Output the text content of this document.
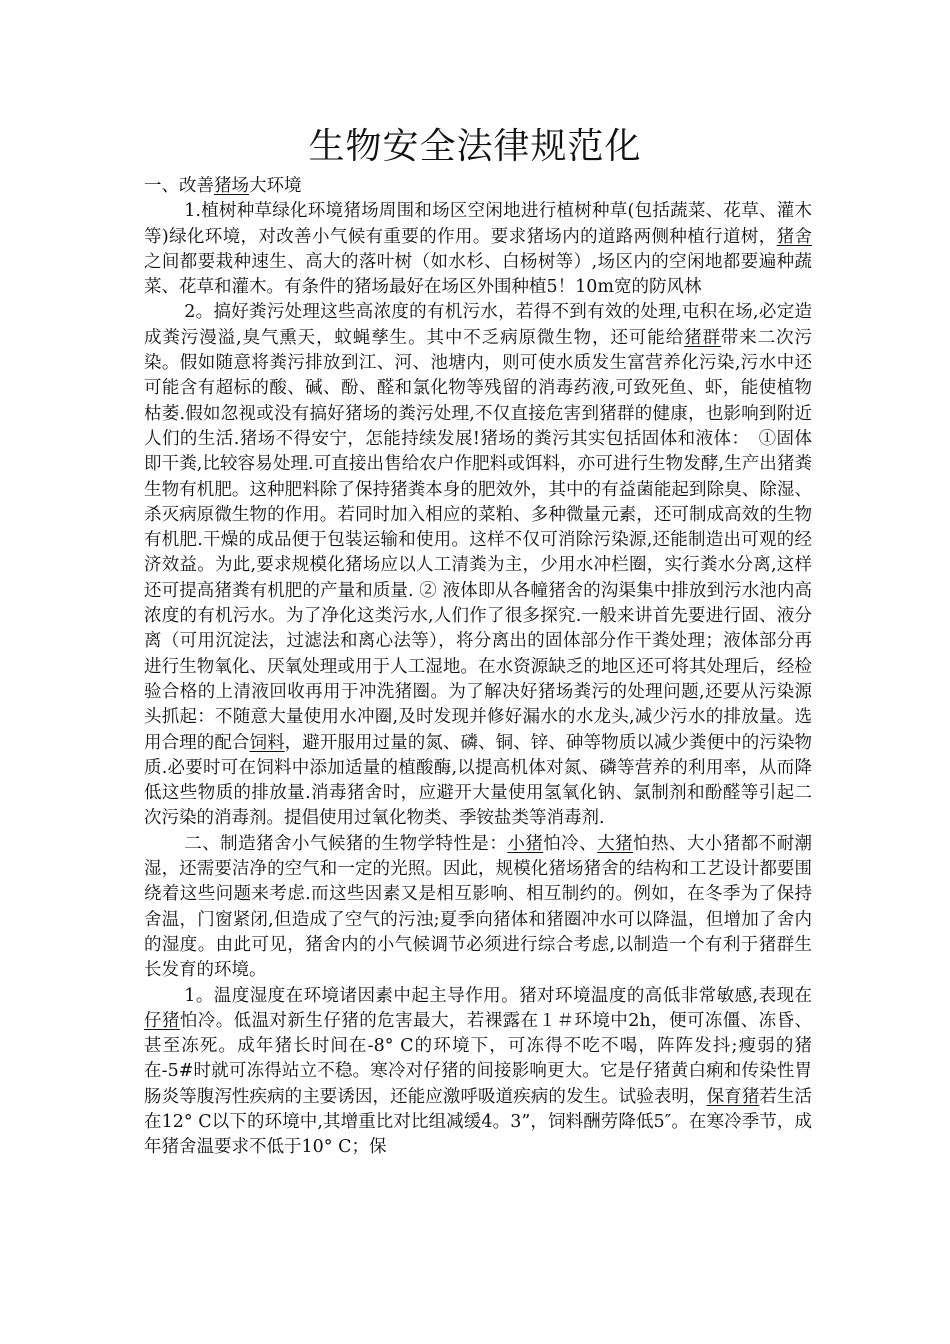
生物安全法律规范化

一、改善猪场大环境

1.植树种草绿化环境猪场周围和场区空闲地进行植树种草(包括蔬菜、花草、灌木等)绿化环境，对改善小气候有重要的作用。要求猪场内的道路两侧种植行道树，猪舍之间都要栽种速生、高大的落叶树（如水杉、白杨树等）,场区内的空闲地都要遍种蔬菜、花草和灌木。有条件的猪场最好在场区外围种植5！10m宽的防风林

2。搞好粪污处理这些高浓度的有机污水，若得不到有效的处理,屯积在场,必定造成粪污漫溢,臭气熏天，蚊蝇孳生。其中不乏病原微生物，还可能给猪群带来二次污染。假如随意将粪污排放到江、河、池塘内，则可使水质发生富营养化污染,污水中还可能含有超标的酸、碱、酚、醛和氯化物等残留的消毒药液,可致死鱼、虾，能使植物枯萎.假如忽视或没有搞好猪场的粪污处理,不仅直接危害到猪群的健康，也影响到附近人们的生活.猪场不得安宁，怎能持续发展!猪场的粪污其实包括固体和液体：　①固体即干粪,比较容易处理.可直接出售给农户作肥料或饵料，亦可进行生物发酵,生产出猪粪生物有机肥。这种肥料除了保持猪粪本身的肥效外，其中的有益菌能起到除臭、除湿、杀灭病原微生物的作用。若同时加入相应的菜粕、多种微量元素，还可制成高效的生物有机肥.干燥的成品便于包装运输和使用。这样不仅可消除污染源,还能制造出可观的经济效益。为此,要求规模化猪场应以人工清粪为主，少用水冲栏圈，实行粪水分离,这样还可提高猪粪有机肥的产量和质量. ② 液体即从各幢猪舍的沟渠集中排放到污水池内高浓度的有机污水。为了净化这类污水,人们作了很多探究.一般来讲首先要进行固、液分离（可用沉淀法，过滤法和离心法等），将分离出的固体部分作干粪处理；液体部分再进行生物氧化、厌氧处理或用于人工湿地。在水资源缺乏的地区还可将其处理后，经检验合格的上清液回收再用于冲洗猪圈。为了解决好猪场粪污的处理问题,还要从污染源头抓起：不随意大量使用水冲圈,及时发现并修好漏水的水龙头,减少污水的排放量。选用合理的配合饲料，避开服用过量的氮、磷、铜、锌、砷等物质以减少粪便中的污染物质.必要时可在饲料中添加适量的植酸酶,以提高机体对氮、磷等营养的利用率，从而降低这些物质的排放量.消毒猪舍时，应避开大量使用氢氧化钠、氯制剂和酚醛等引起二次污染的消毒剂。提倡使用过氧化物类、季铵盐类等消毒剂.

二、制造猪舍小气候猪的生物学特性是：小猪怕冷、大猪怕热、大小猪都不耐潮湿，还需要洁净的空气和一定的光照。因此，规模化猪场猪舍的结构和工艺设计都要围绕着这些问题来考虑.而这些因素又是相互影响、相互制约的。例如，在冬季为了保持舍温，门窗紧闭,但造成了空气的污浊;夏季向猪体和猪圈冲水可以降温，但增加了舍内的湿度。由此可见，猪舍内的小气候调节必须进行综合考虑,以制造一个有利于猪群生长发育的环境。

1。温度湿度在环境诸因素中起主导作用。猪对环境温度的高低非常敏感,表现在仔猪怕冷。低温对新生仔猪的危害最大，若裸露在１＃环境中2h，便可冻僵、冻昏、甚至冻死。成年猪长时间在-8° C的环境下，可冻得不吃不喝，阵阵发抖;瘦弱的猪在-5#时就可冻得站立不稳。寒冷对仔猪的间接影响更大。它是仔猪黄白痢和传染性胃肠炎等腹泻性疾病的主要诱因，还能应激呼吸道疾病的发生。试验表明，保育猪若生活在12° C以下的环境中,其增重比对比组减缓4。3”，饲料酬劳降低5″。在寒冷季节，成年猪舍温要求不低于10° C；保
